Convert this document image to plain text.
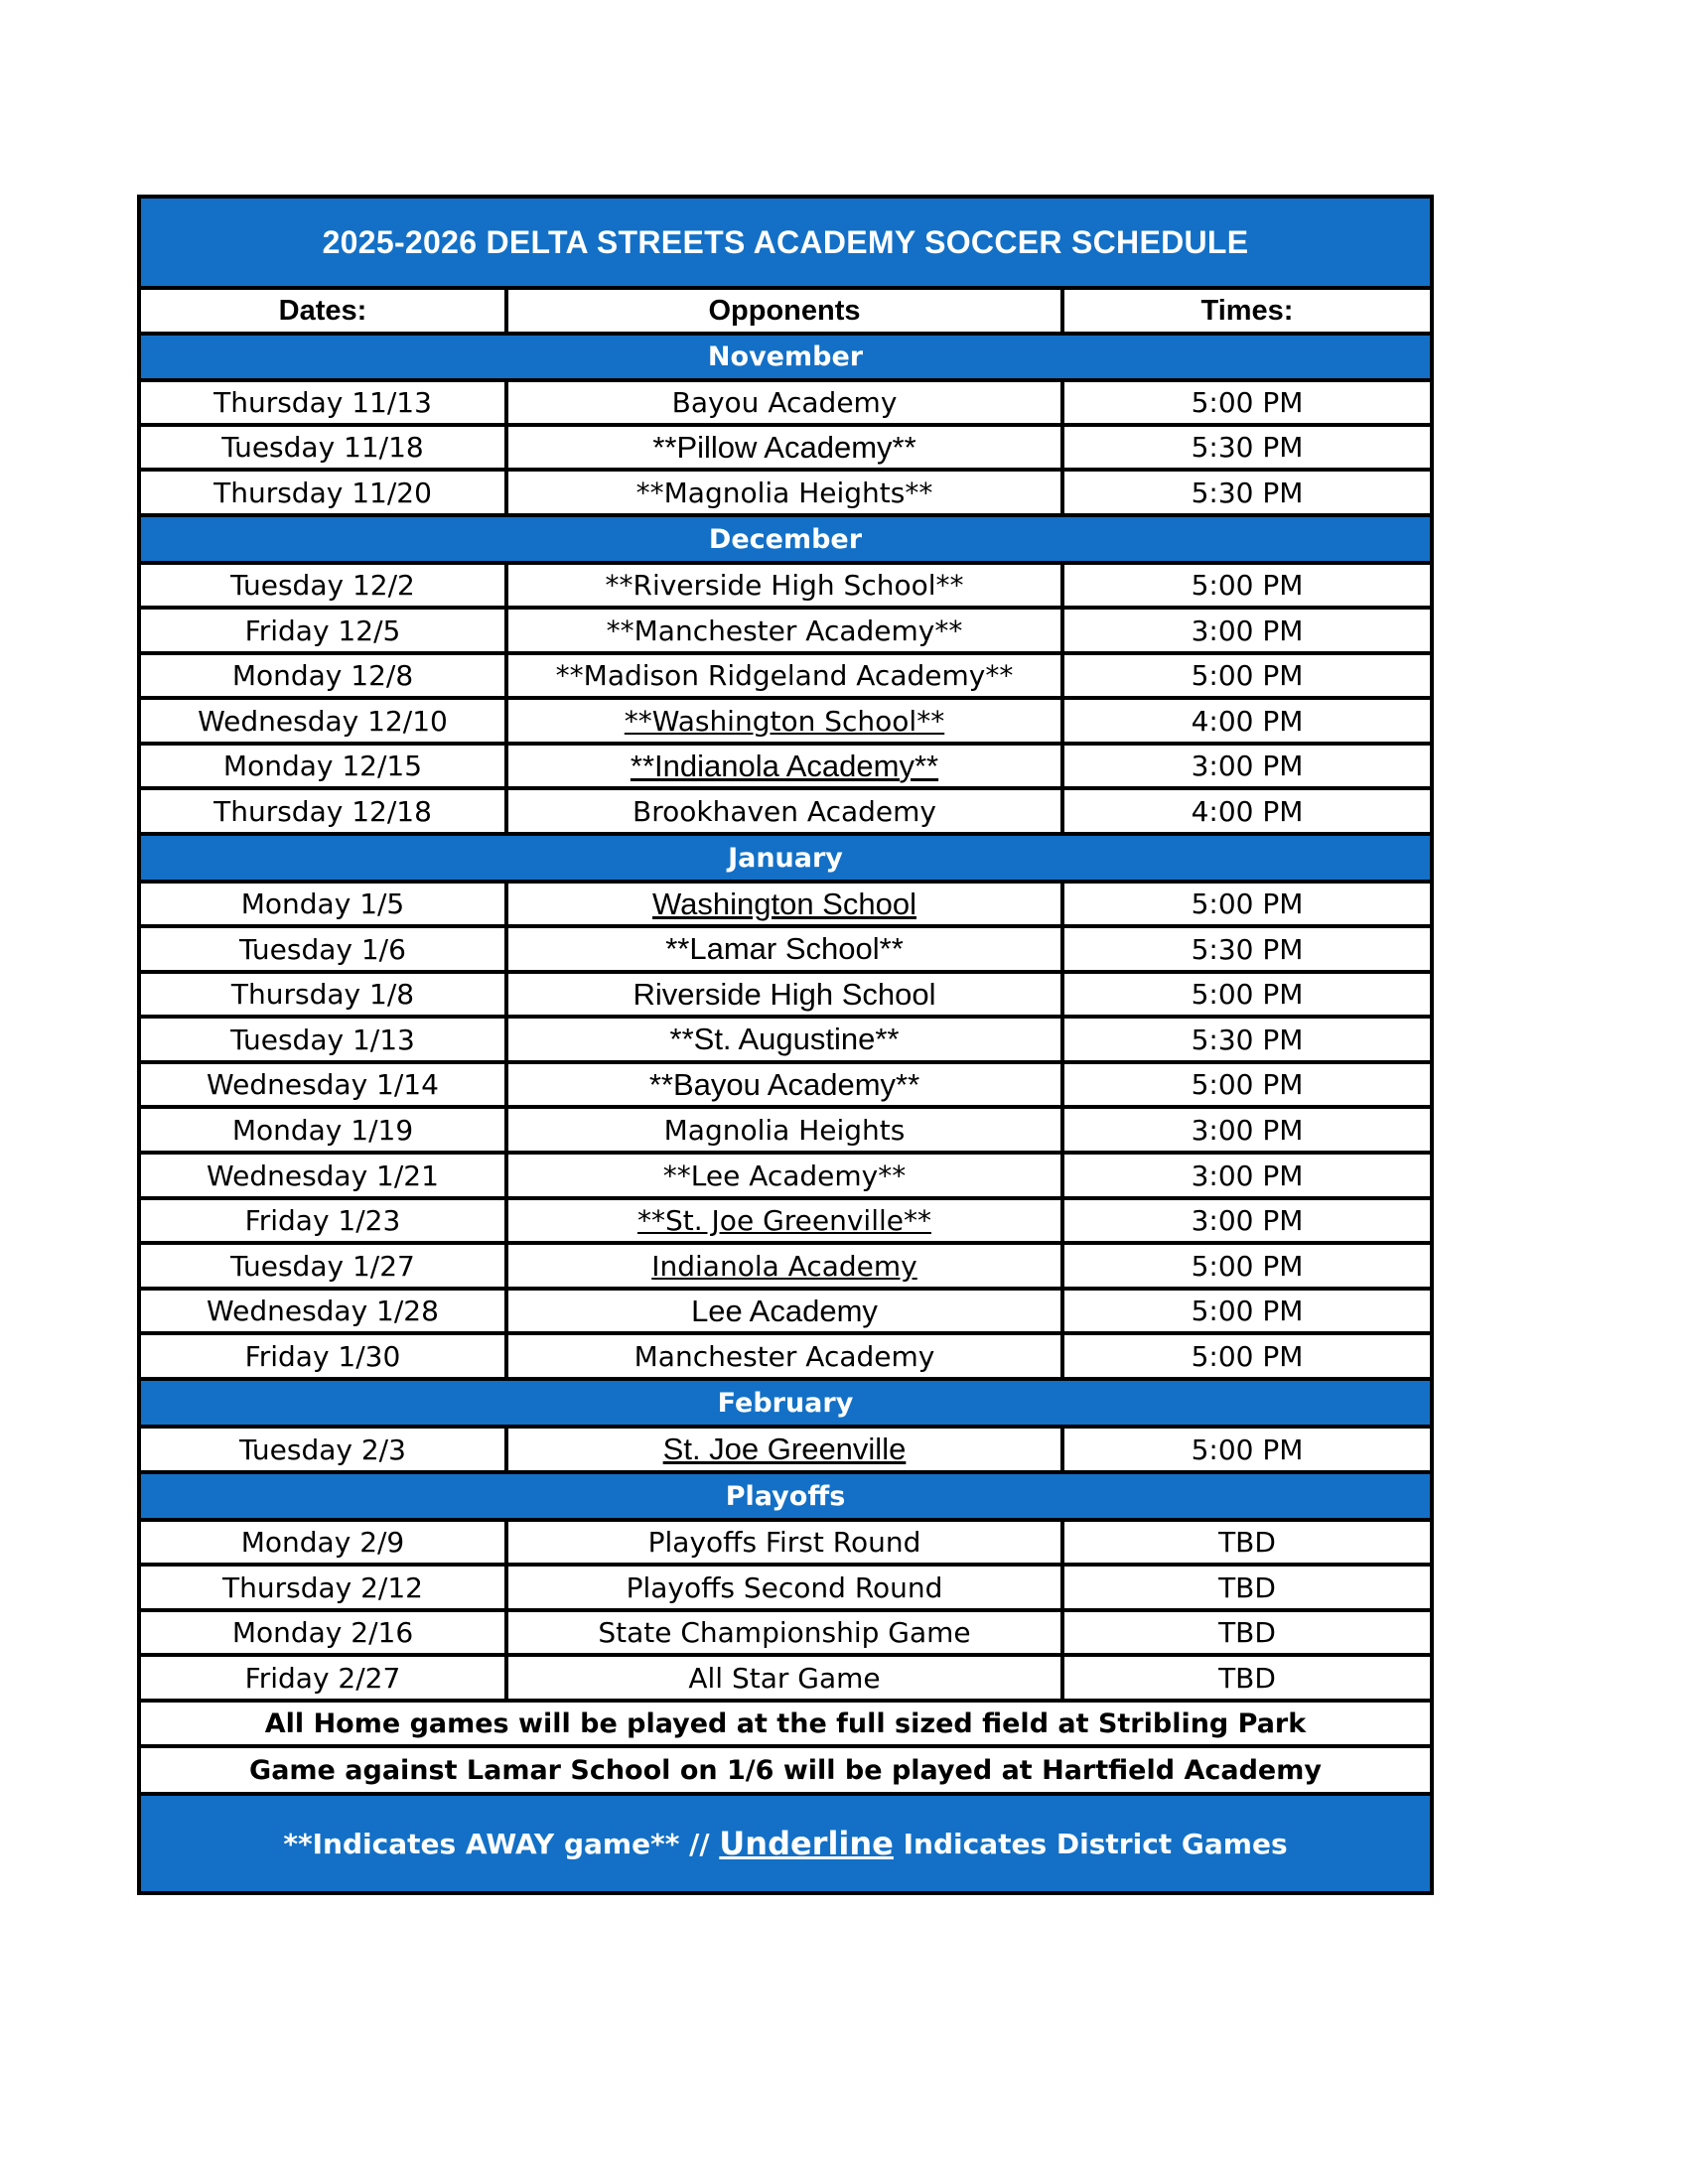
2025-2026 DELTA STREETS ACADEMY SOCCER SCHEDULE
Dates:	Opponents	Times:
November
Thursday 11/13	Bayou Academy	5:00 PM
Tuesday 11/18	**Pillow Academy**	5:30 PM
Thursday 11/20	**Magnolia Heights**	5:30 PM
December
Tuesday 12/2	**Riverside High School**	5:00 PM
Friday 12/5	**Manchester Academy**	3:00 PM
Monday 12/8	**Madison Ridgeland Academy**	5:00 PM
Wednesday 12/10	**Washington School**	4:00 PM
Monday 12/15	**Indianola Academy**	3:00 PM
Thursday 12/18	Brookhaven Academy	4:00 PM
January
Monday 1/5	Washington School	5:00 PM
Tuesday 1/6	**Lamar School**	5:30 PM
Thursday 1/8	Riverside High School	5:00 PM
Tuesday 1/13	**St. Augustine**	5:30 PM
Wednesday 1/14	**Bayou Academy**	5:00 PM
Monday 1/19	Magnolia Heights	3:00 PM
Wednesday 1/21	**Lee Academy**	3:00 PM
Friday 1/23	**St. Joe Greenville**	3:00 PM
Tuesday 1/27	Indianola Academy	5:00 PM
Wednesday 1/28	Lee Academy	5:00 PM
Friday 1/30	Manchester Academy	5:00 PM
February
Tuesday 2/3	St. Joe Greenville	5:00 PM
Playoffs
Monday 2/9	Playoffs First Round	TBD
Thursday 2/12	Playoffs Second Round	TBD
Monday 2/16	State Championship Game	TBD
Friday 2/27	All Star Game	TBD
All Home games will be played at the full sized field at Stribling Park
Game against Lamar School on 1/6 will be played at Hartfield Academy
**Indicates AWAY game** //
Underline
Indicates District Games
